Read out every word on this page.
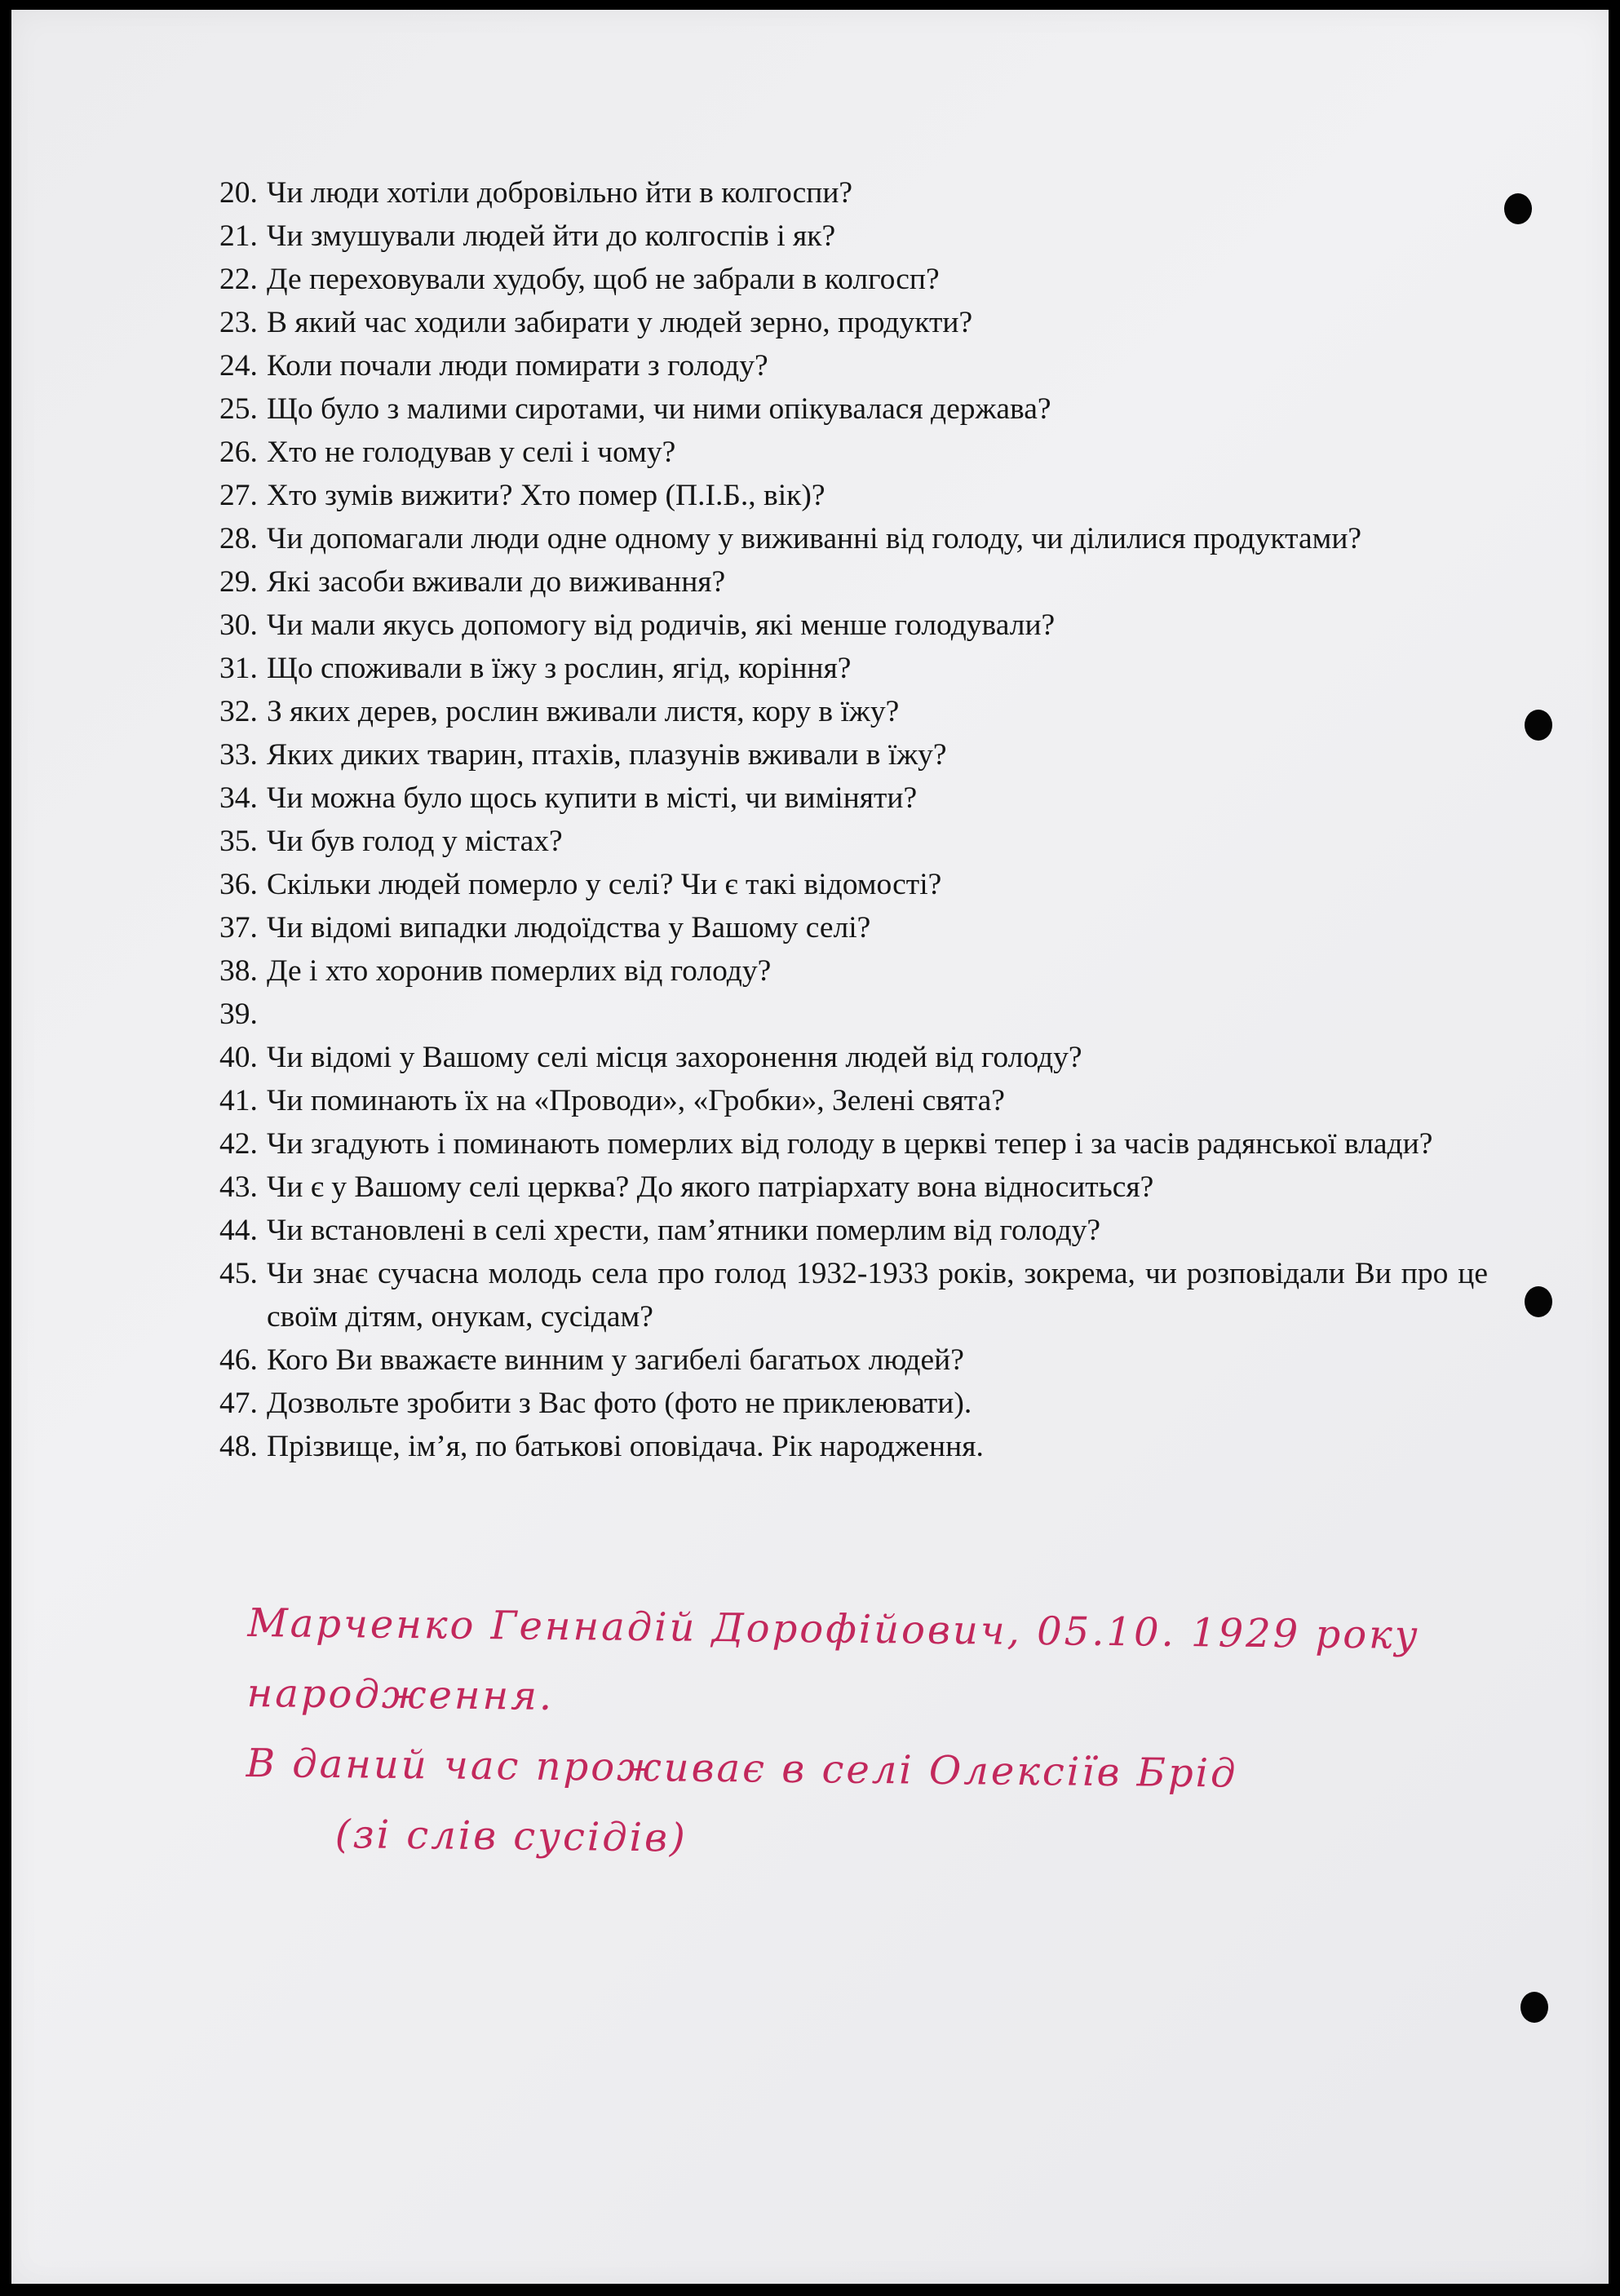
20. Чи люди хотіли добровільно йти в колгоспи?
21. Чи змушували людей йти до колгоспів і як?
22. Де переховували худобу, щоб не забрали в колгосп?
23. В який час ходили забирати у людей зерно, продукти?
24. Коли почали люди помирати з голоду?
25. Що було з малими сиротами, чи ними опікувалася держава?
26. Хто не голодував у селі і чому?
27. Хто зумів вижити? Хто помер (П.І.Б., вік)?
28. Чи допомагали люди одне одному у виживанні від голоду, чи ділилися продуктами?
29. Які засоби вживали до виживання?
30. Чи мали якусь допомогу від родичів, які менше голодували?
31. Що споживали в їжу з рослин, ягід, коріння?
32. З яких дерев, рослин вживали листя, кору в їжу?
33. Яких диких тварин, птахів, плазунів вживали в їжу?
34. Чи можна було щось купити в місті, чи виміняти?
35. Чи був голод у містах?
36. Скільки людей померло у селі? Чи є такі відомості?
37. Чи відомі випадки людоїдства у Вашому селі?
38. Де і хто хоронив померлих від голоду?
39.
40. Чи відомі у Вашому селі місця захоронення людей від голоду?
41. Чи поминають їх на «Проводи», «Гробки», Зелені свята?
42. Чи згадують і поминають померлих від голоду в церкві тепер і за часів радянської влади?
43. Чи є у Вашому селі церква? До якого патріархату вона відноситься?
44. Чи встановлені в селі хрести, пам’ятники померлим від голоду?
45. Чи знає сучасна молодь села про голод 1932-1933 років, зокрема, чи розповідали Ви про це своїм дітям, онукам, сусідам?
46. Кого Ви вважаєте винним у загибелі багатьох людей?
47. Дозвольте зробити з Вас фото (фото не приклеювати).
48. Прізвище, ім’я, по батькові оповідача. Рік народження.
Марченко Геннадій Дорофійович, 05.10. 1929 року
народження.
В даний час проживає в селі Олексіїв Брід
(зі слів сусідів)
